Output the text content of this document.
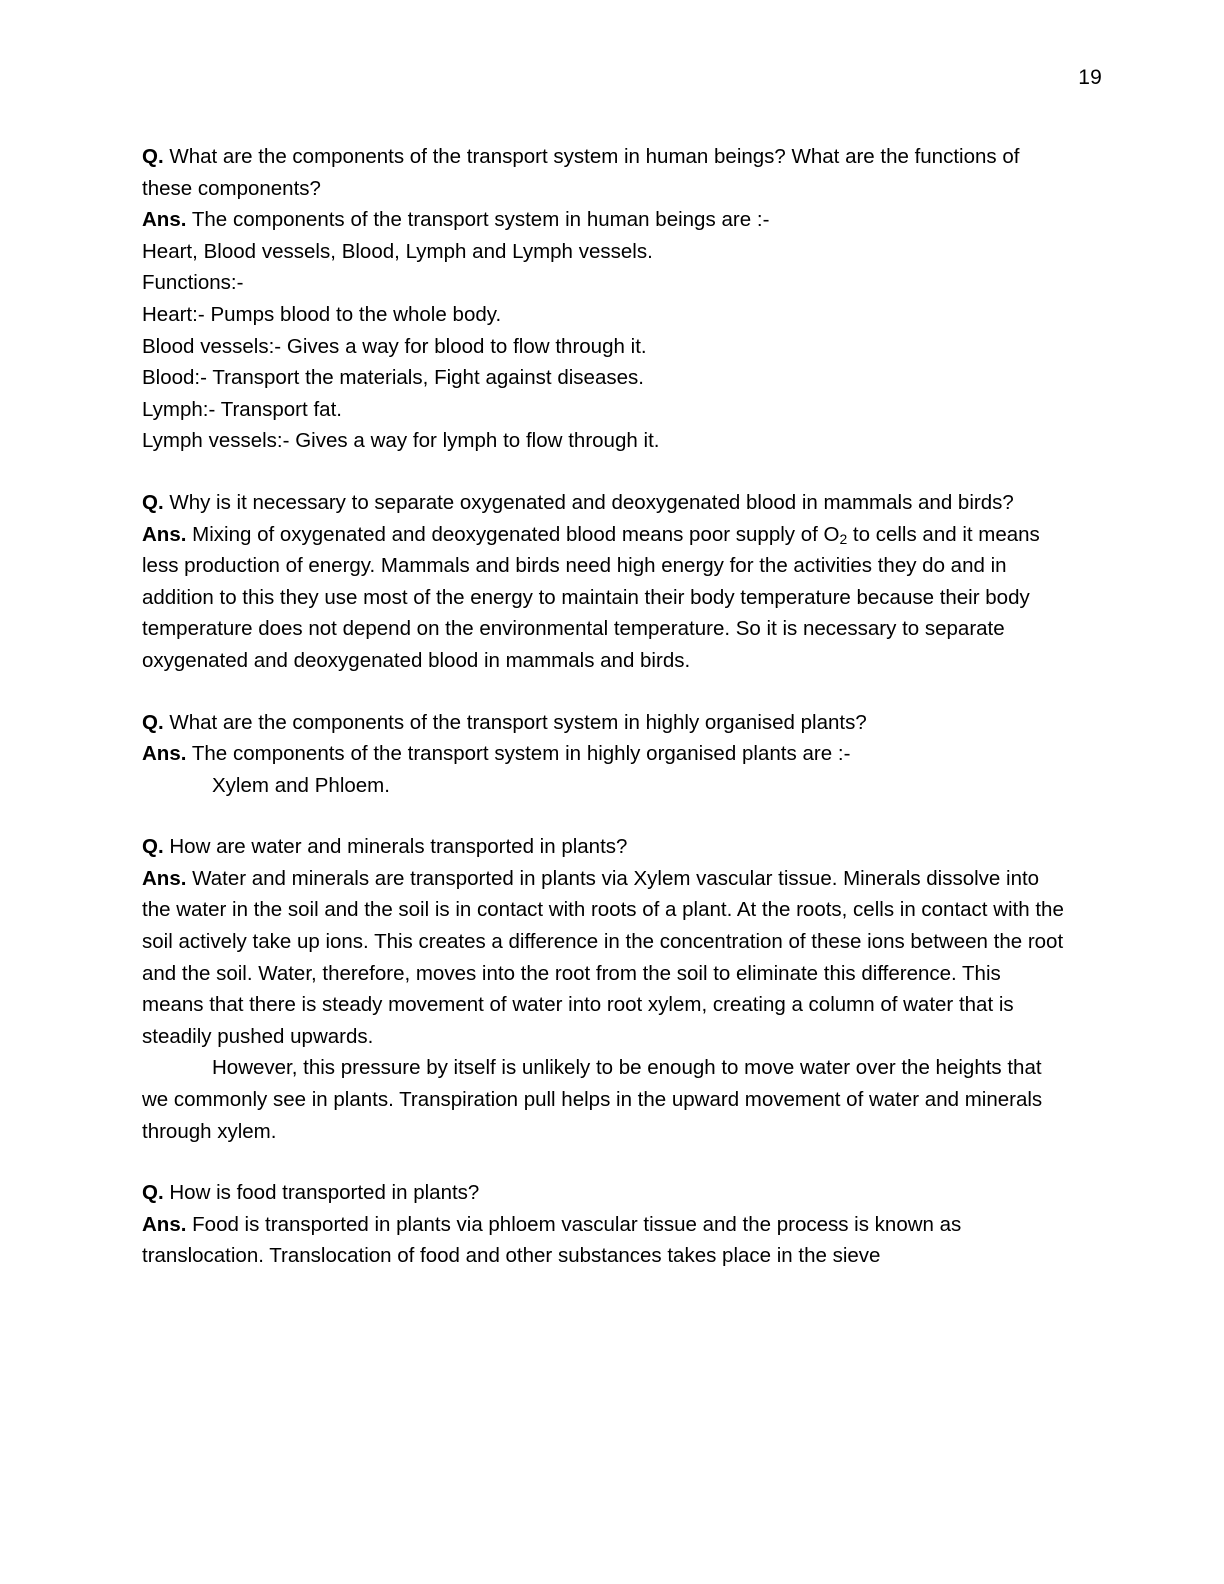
19

Q. What are the components of the transport system in human beings? What are the functions of these components?

Ans. The components of the transport system in human beings are :-

Heart, Blood vessels, Blood, Lymph and Lymph vessels.

Functions:-

Heart:- Pumps blood to the whole body.

Blood vessels:- Gives a way for blood to flow through it.

Blood:- Transport the materials, Fight against diseases.

Lymph:- Transport fat.

Lymph vessels:- Gives a way for lymph to flow through it.

Q. Why is it necessary to separate oxygenated and deoxygenated blood in mammals and birds?

Ans. Mixing of oxygenated and deoxygenated blood means poor supply of $O_2$ to cells and it means less production of energy. Mammals and birds need high energy for the activities they do and in addition to this they use most of the energy to maintain their body temperature because their body temperature does not depend on the environmental temperature. So it is necessary to separate oxygenated and deoxygenated blood in mammals and birds.

Q. What are the components of the transport system in highly organised plants?

Ans. The components of the transport system in highly organised plants are :-

Xylem and Phloem.

Q. How are water and minerals transported in plants?

Ans. Water and minerals are transported in plants via Xylem vascular tissue. Minerals dissolve into the water in the soil and the soil is in contact with roots of a plant. At the roots, cells in contact with the soil actively take up ions. This creates a difference in the concentration of these ions between the root and the soil. Water, therefore, moves into the root from the soil to eliminate this difference. This means that there is steady movement of water into root xylem, creating a column of water that is steadily pushed upwards.

However, this pressure by itself is unlikely to be enough to move water over the heights that we commonly see in plants. Transpiration pull helps in the upward movement of water and minerals through xylem.

Q. How is food transported in plants?

Ans. Food is transported in plants via phloem vascular tissue and the process is known as translocation. Translocation of food and other substances takes place in the sieve
